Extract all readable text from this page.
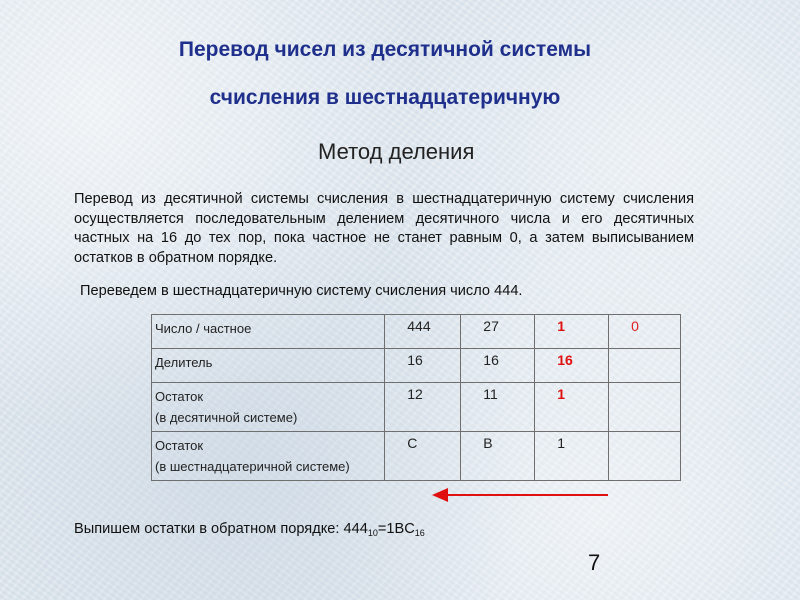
Перевод чисел из десятичной системы
счисления в шестнадцатеричную

Метод деления

Перевод из десятичной системы счисления в шестнадцатеричную систему счисления осуществляется последовательным делением десятичного числа и его десятичных частных на 16 до тех пор, пока частное не станет равным 0, а затем выписыванием остатков в обратном порядке.

Переведем в шестнадцатеричную систему счисления число 444.

Число / частное	444	27	1	0
Делитель	16	16	16	
Остаток
(в десятичной системе)	12	11	1	
Остаток
(в шестнадцатеричной системе)	C	B	1	

Выпишем остатки в обратном порядке: $444_{10}=1BC_{16}$

7
